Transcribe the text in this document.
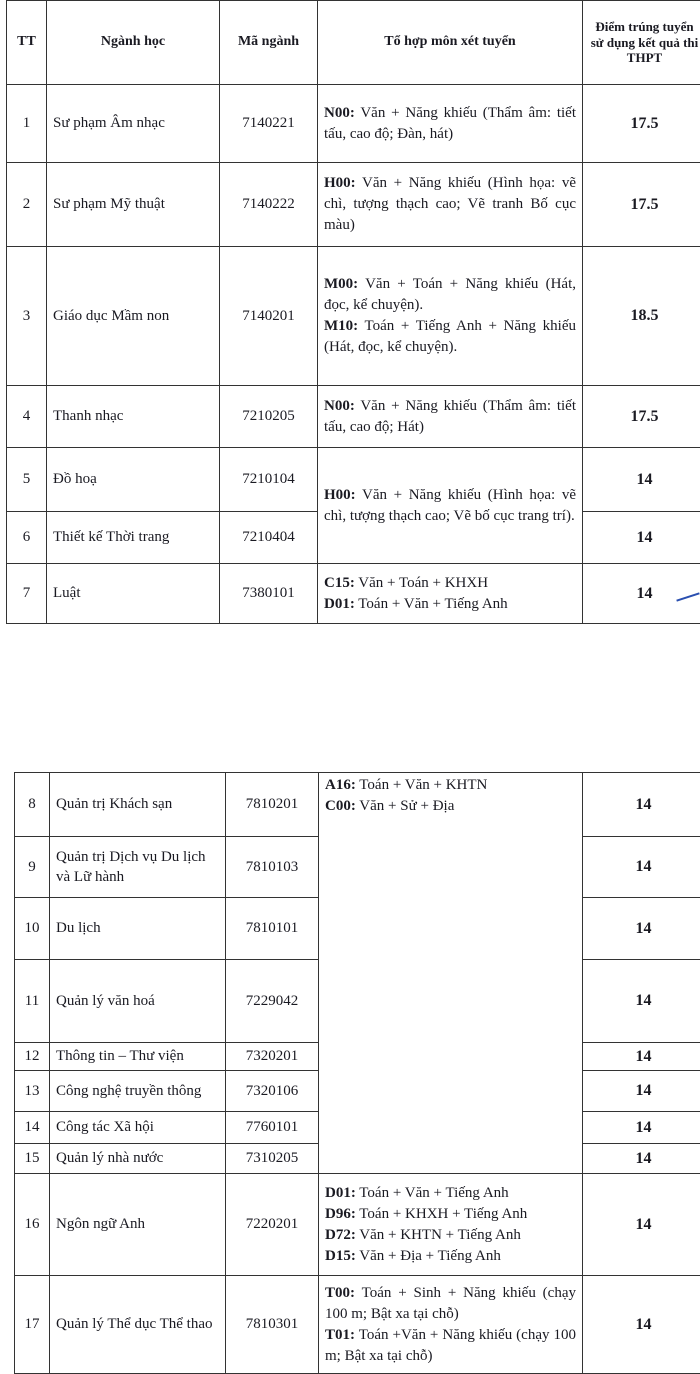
TT	Ngành học	Mã ngành	Tổ hợp môn xét tuyển	Điểm trúng tuyển sử dụng kết quả thi THPT
1	Sư phạm Âm nhạc	7140221	N00: Văn + Năng khiếu (Thẩm âm: tiết tấu, cao độ; Đàn, hát)	17.5
2	Sư phạm Mỹ thuật	7140222	H00: Văn + Năng khiếu (Hình họa: vẽ chì, tượng thạch cao; Vẽ tranh Bố cục màu)	17.5
3	Giáo dục Mầm non	7140201	M00: Văn + Toán + Năng khiếu (Hát, đọc, kể chuyện).
M10: Toán + Tiếng Anh + Năng khiếu (Hát, đọc, kể chuyện).	18.5
4	Thanh nhạc	7210205	N00: Văn + Năng khiếu (Thẩm âm: tiết tấu, cao độ; Hát)	17.5
5	Đồ hoạ	7210104	H00: Văn + Năng khiếu (Hình họa: vẽ chì, tượng thạch cao; Vẽ bố cục trang trí).	14
6	Thiết kế Thời trang	7210404		14
7	Luật	7380101	C15: Văn + Toán + KHXH
D01: Toán + Văn + Tiếng Anh	14
8	Quản trị Khách sạn	7810201	A16: Toán + Văn + KHTN
C00: Văn + Sử + Địa	14
9	Quản trị Dịch vụ Du lịch và Lữ hành	7810103		14
10	Du lịch	7810101		14
11	Quản lý văn hoá	7229042		14
12	Thông tin – Thư viện	7320201		14
13	Công nghệ truyền thông	7320106		14
14	Công tác Xã hội	7760101		14
15	Quản lý nhà nước	7310205		14
16	Ngôn ngữ Anh	7220201	D01: Toán + Văn + Tiếng Anh
D96: Toán + KHXH + Tiếng Anh
D72: Văn + KHTN + Tiếng Anh
D15: Văn + Địa + Tiếng Anh	14
17	Quản lý Thể dục Thể thao	7810301	T00: Toán + Sinh + Năng khiếu (chạy 100 m; Bật xa tại chỗ)
T01: Toán +Văn + Năng khiếu (chạy 100 m; Bật xa tại chỗ)	14
